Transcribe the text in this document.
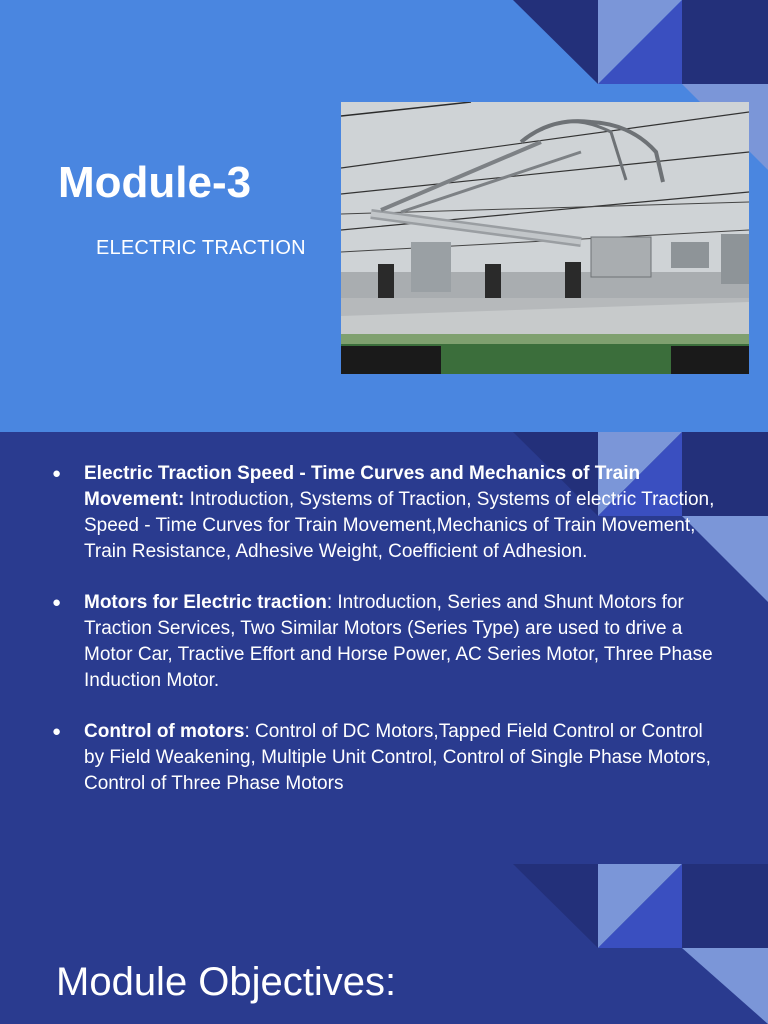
Module-3

ELECTRIC TRACTION

● Electric Traction Speed - Time Curves and Mechanics of Train Movement: Introduction, Systems of Traction, Systems of electric Traction, Speed - Time Curves for Train Movement,Mechanics of Train Movement, Train Resistance, Adhesive Weight, Coefficient of Adhesion.
● Motors for Electric traction: Introduction, Series and Shunt Motors for Traction Services, Two Similar Motors (Series Type) are used to drive a Motor Car, Tractive Effort and Horse Power, AC Series Motor, Three Phase Induction Motor.
● Control of motors: Control of DC Motors,Tapped Field Control or Control by Field Weakening, Multiple Unit Control, Control of Single Phase Motors, Control of Three Phase Motors
Module Objectives:
